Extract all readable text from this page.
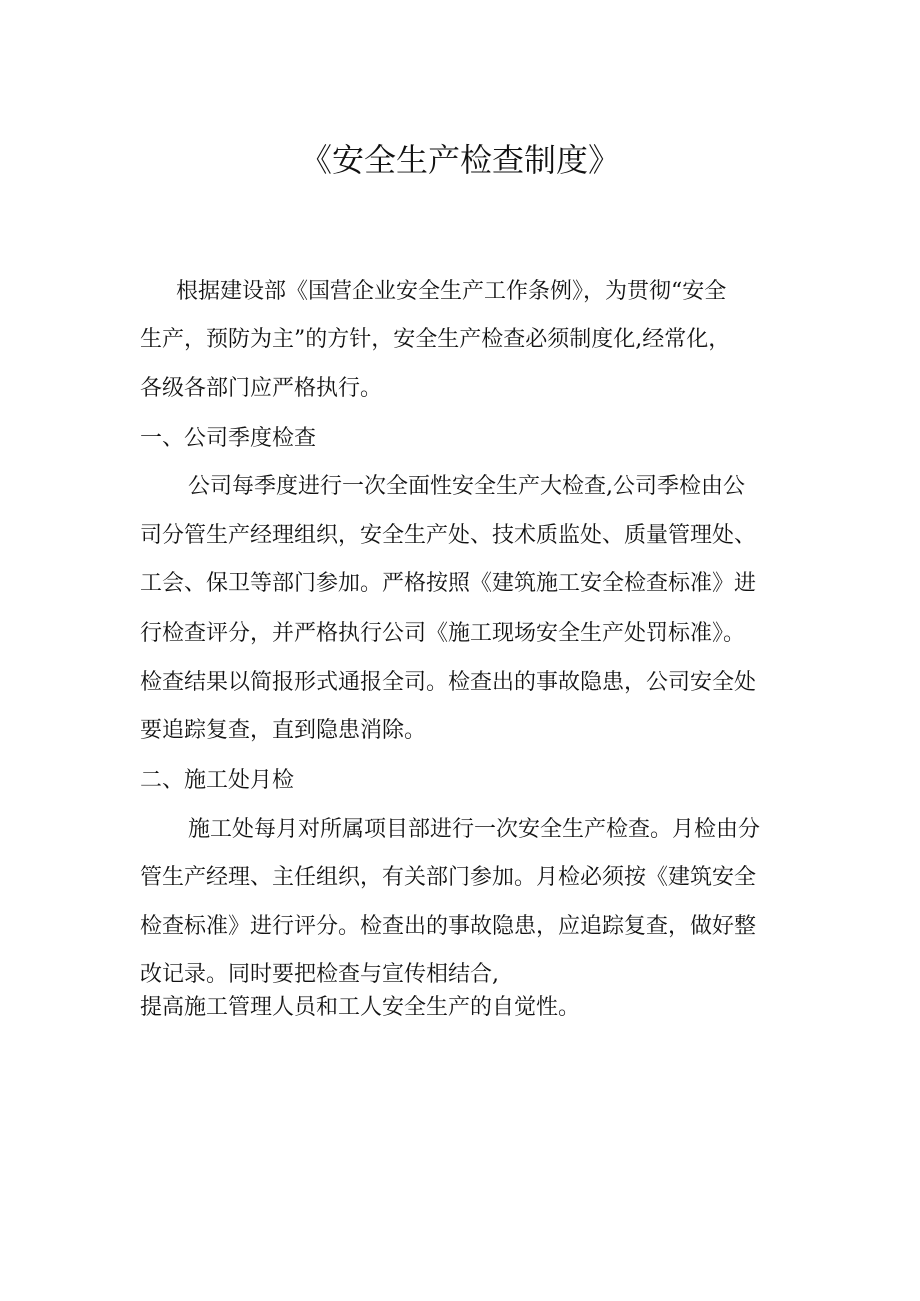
《安全生产检查制度》
根据建设部《国营企业安全生产工作条例》，为贯彻“安全
生产，预防为主”的方针，安全生产检查必须制度化,经常化，
各级各部门应严格执行。
一、公司季度检查
公司每季度进行一次全面性安全生产大检查,公司季检由公
司分管生产经理组织，安全生产处、技术质监处、质量管理处、
工会、保卫等部门参加。严格按照《建筑施工安全检查标准》进
行检查评分，并严格执行公司《施工现场安全生产处罚标准》。
检查结果以简报形式通报全司。检查出的事故隐患，公司安全处
要追踪复查，直到隐患消除。
二、施工处月检
施工处每月对所属项目部进行一次安全生产检查。月检由分
管生产经理、主任组织，有关部门参加。月检必须按《建筑安全
检查标准》进行评分。检查出的事故隐患，应追踪复查，做好整
改记录。同时要把检查与宣传相结合,
提高施工管理人员和工人安全生产的自觉性。
